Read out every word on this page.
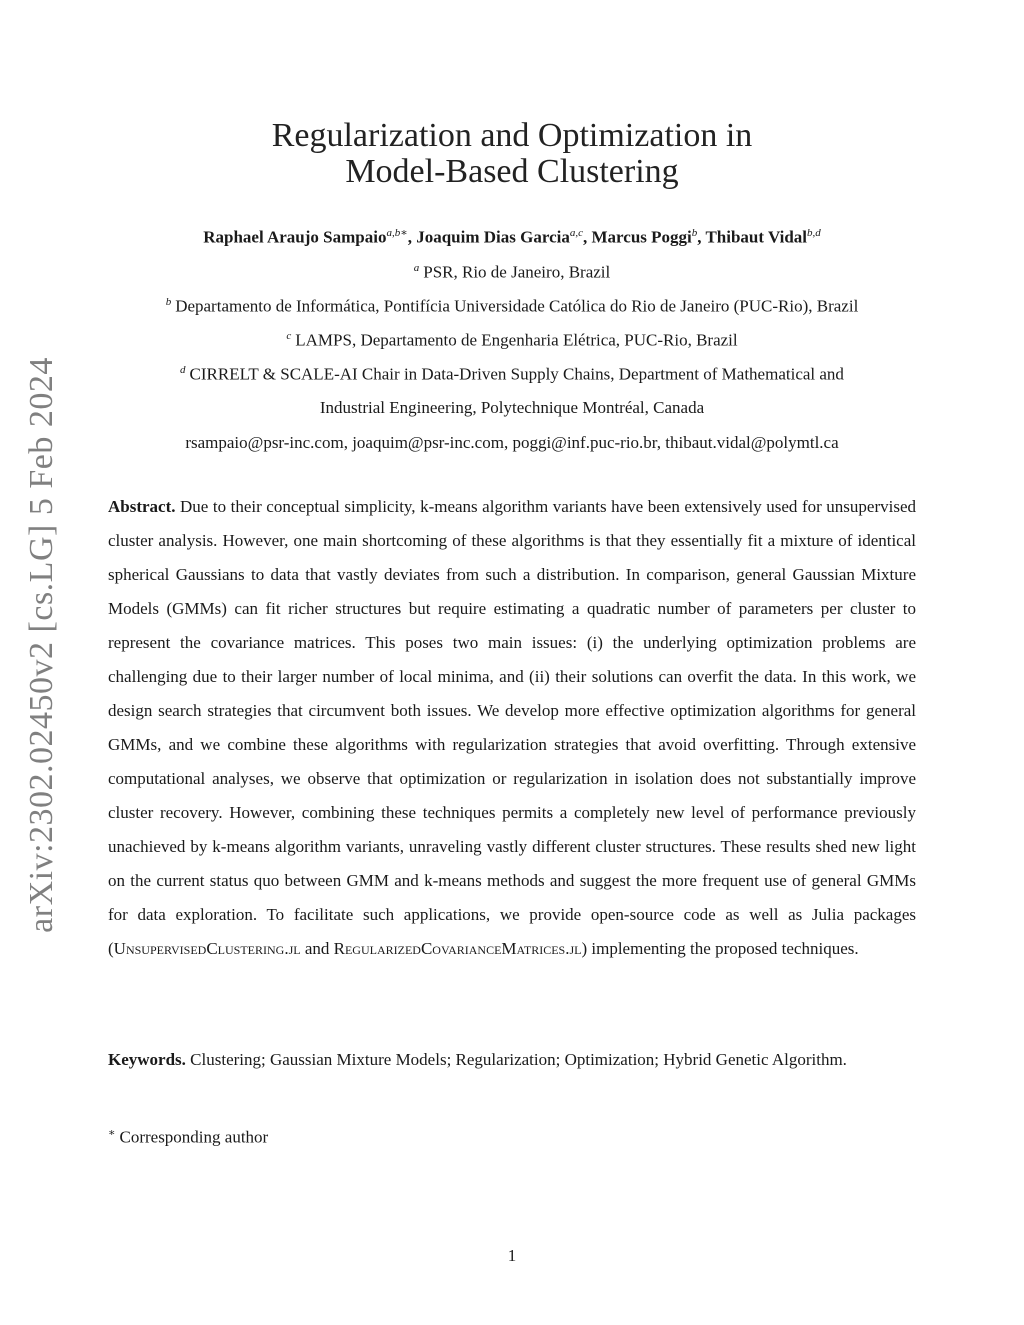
arXiv:2302.02450v2 [cs.LG] 5 Feb 2024
Regularization and Optimization in
Model-Based Clustering
Raphael Araujo Sampaio$^{a,b∗}$, Joaquim Dias Garcia$^{a,c}$, Marcus Poggi$^b$, Thibaut Vidal$^{b,d}$
$^a$ PSR, Rio de Janeiro, Brazil
$^b$ Departamento de Informática, Pontifícia Universidade Católica do Rio de Janeiro (PUC-Rio), Brazil
$^c$ LAMPS, Departamento de Engenharia Elétrica, PUC-Rio, Brazil
$^d$ CIRRELT & SCALE-AI Chair in Data-Driven Supply Chains, Department of Mathematical and
Industrial Engineering, Polytechnique Montréal, Canada
rsampaio@psr-inc.com, joaquim@psr-inc.com, poggi@inf.puc-rio.br, thibaut.vidal@polymtl.ca
Abstract. Due to their conceptual simplicity, k-means algorithm variants have been extensively used for unsupervised cluster analysis. However, one main shortcoming of these algorithms is that they essentially fit a mixture of identical spherical Gaussians to data that vastly deviates from such a distribution. In comparison, general Gaussian Mixture Models (GMMs) can fit richer structures but require estimating a quadratic number of parameters per cluster to represent the covariance matrices. This poses two main issues: (i) the underlying optimization problems are challenging due to their larger number of local minima, and (ii) their solutions can overfit the data. In this work, we design search strategies that circumvent both issues. We develop more effective optimization algorithms for general GMMs, and we combine these algorithms with regularization strategies that avoid overfitting. Through extensive computational analyses, we observe that optimization or regularization in isolation does not substantially improve cluster recovery. However, combining these techniques permits a completely new level of performance previously unachieved by k-means algorithm variants, unraveling vastly different cluster structures. These results shed new light on the current status quo between GMM and k-means methods and suggest the more frequent use of general GMMs for data exploration. To facilitate such applications, we provide open-source code as well as Julia packages (UnsupervisedClustering.jl and RegularizedCovarianceMatrices.jl) implementing the proposed techniques.
Keywords. Clustering; Gaussian Mixture Models; Regularization; Optimization; Hybrid Genetic Algorithm.
∗ Corresponding author
1
